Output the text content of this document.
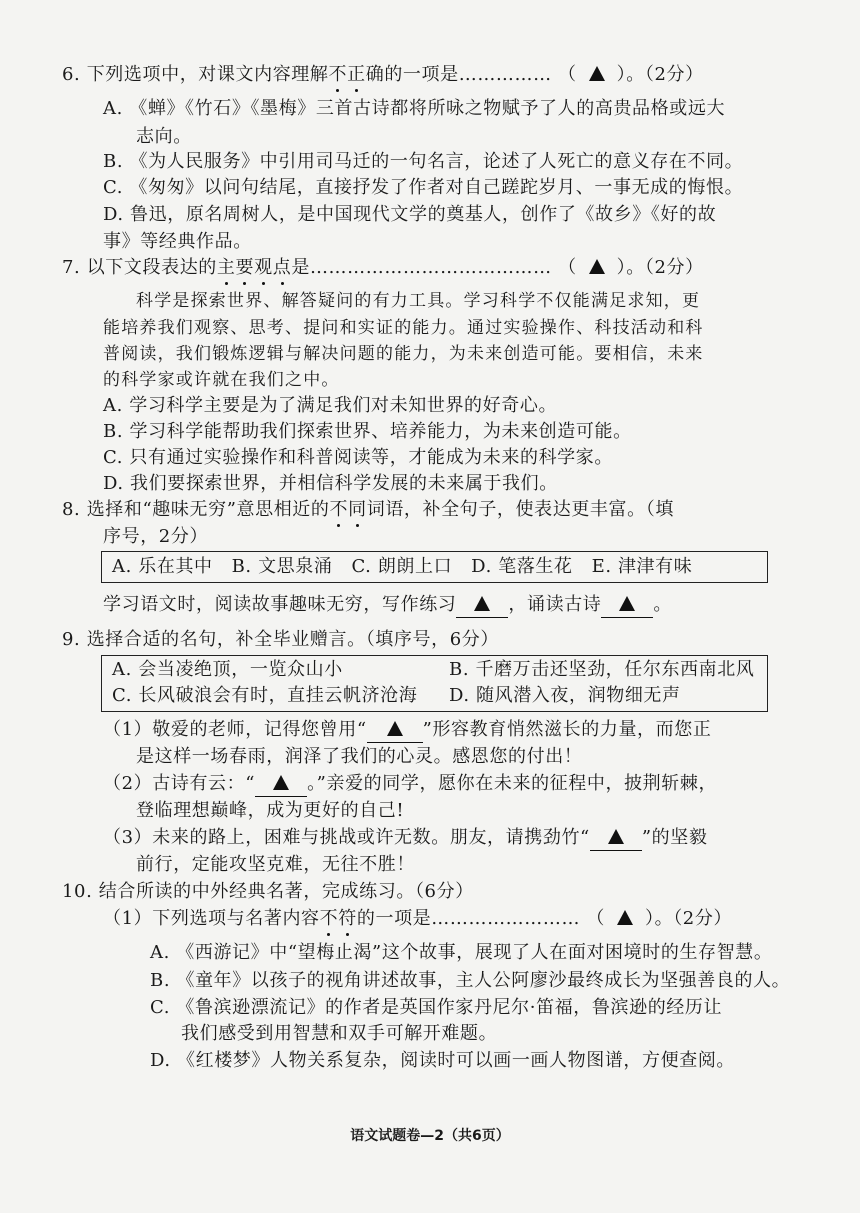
6. 下列选项中，对课文内容理解不正确的一项是…………… （ ）。（2分）
A. 《蝉》《竹石》《墨梅》三首古诗都将所咏之物赋予了人的高贵品格或远大
志向。
B. 《为人民服务》中引用司马迁的一句名言，论述了人死亡的意义存在不同。
C. 《匆匆》以问句结尾，直接抒发了作者对自己蹉跎岁月、一事无成的悔恨。
D. 鲁迅，原名周树人，是中国现代文学的奠基人，创作了《故乡》《好的故
事》等经典作品。
7. 以下文段表达的主要观点是………………………………… （ ）。（2分）
科学是探索世界、解答疑问的有力工具。学习科学不仅能满足求知，更
能培养我们观察、思考、提问和实证的能力。通过实验操作、科技活动和科
普阅读，我们锻炼逻辑与解决问题的能力，为未来创造可能。要相信，未来
的科学家或许就在我们之中。
A. 学习科学主要是为了满足我们对未知世界的好奇心。
B. 学习科学能帮助我们探索世界、培养能力，为未来创造可能。
C. 只有通过实验操作和科普阅读等，才能成为未来的科学家。
D. 我们要探索世界，并相信科学发展的未来属于我们。
8. 选择和“趣味无穷”意思相近的不同词语，补全句子，使表达更丰富。（填
序号，2分）
A. 乐在其中   B. 文思泉涌   C. 朗朗上口   D. 笔落生花   E. 津津有味
学习语文时，阅读故事趣味无穷，写作练习	，诵读古诗	。
9. 选择合适的名句，补全毕业赠言。（填序号，6分）
A. 会当凌绝顶，一览众山小	B. 千磨万击还坚劲，任尔东西南北风
C. 长风破浪会有时，直挂云帆济沧海 D. 随风潜入夜，润物细无声
（1）敬爱的老师，记得您曾用“	”形容教育悄然滋长的力量，而您正
是这样一场春雨，润泽了我们的心灵。感恩您的付出！
（2）古诗有云：“	。”亲爱的同学，愿你在未来的征程中，披荆斩棘，
登临理想巅峰，成为更好的自己!
（3）未来的路上，困难与挑战或许无数。朋友，请携劲竹“	”的坚毅
前行，定能攻坚克难，无往不胜！
10. 结合所读的中外经典名著，完成练习。（6分）
（1）下列选项与名著内容不符的一项是…………………… （ ）。（2分）
A. 《西游记》中“望梅止渴”这个故事，展现了人在面对困境时的生存智慧。
B. 《童年》以孩子的视角讲述故事，主人公阿廖沙最终成长为坚强善良的人。
C. 《鲁滨逊漂流记》的作者是英国作家丹尼尔·笛福，鲁滨逊的经历让
我们感受到用智慧和双手可解开难题。
D. 《红楼梦》人物关系复杂，阅读时可以画一画人物图谱，方便查阅。
语文试题卷—2（共6页）
